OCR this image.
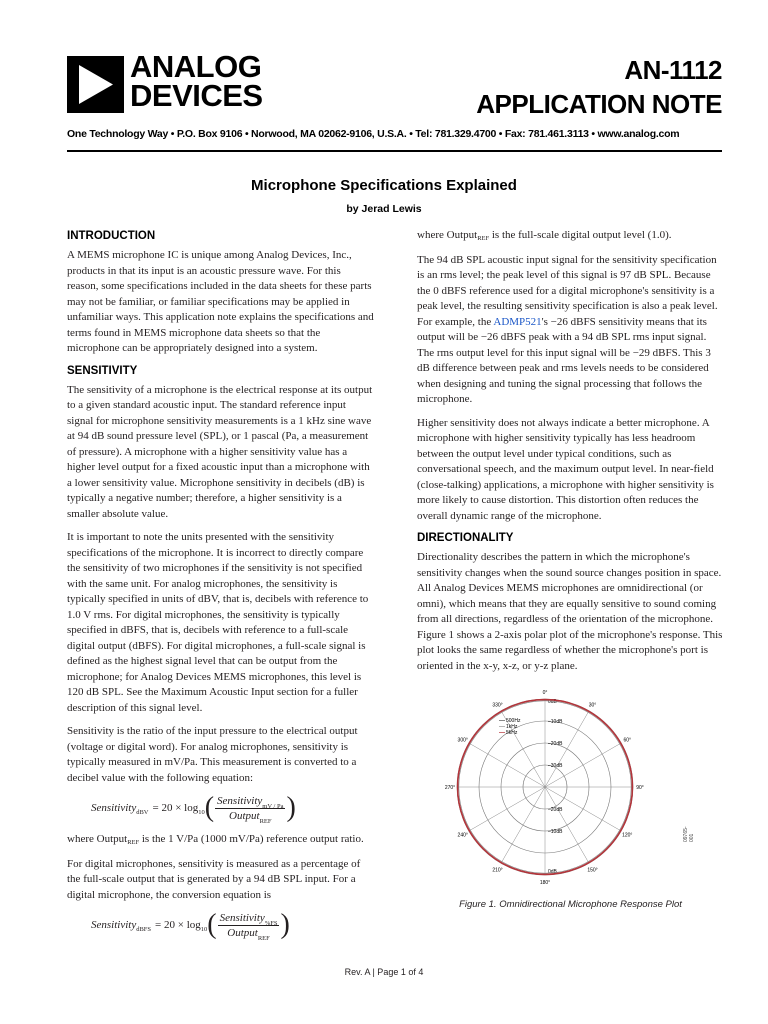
ANALOG
DEVICES
AN-1112
APPLICATION NOTE
One Technology Way • P.O. Box 9106 • Norwood, MA 02062-9106, U.S.A. • Tel: 781.329.4700 • Fax: 781.461.3113 • www.analog.com
Microphone Specifications Explained
by Jerad Lewis
INTRODUCTION

A MEMS microphone IC is unique among Analog Devices, Inc., products in that its input is an acoustic pressure wave. For this reason, some specifications included in the data sheets for these parts may not be familiar, or familiar specifications may be applied in unfamiliar ways. This application note explains the specifications and terms found in MEMS microphone data sheets so that the microphone can be appropriately designed into a system.

SENSITIVITY

The sensitivity of a microphone is the electrical response at its output to a given standard acoustic input. The standard reference input signal for microphone sensitivity measurements is a 1 kHz sine wave at 94 dB sound pressure level (SPL), or 1 pascal (Pa, a measurement of pressure). A microphone with a higher sensitivity value has a higher level output for a fixed acoustic input than a microphone with a lower sensitivity value. Microphone sensitivity in decibels (dB) is typically a negative number; therefore, a higher sensitivity is a smaller absolute value.

It is important to note the units presented with the sensitivity specifications of the microphone. It is incorrect to directly compare the sensitivity of two microphones if the sensitivity is not specified with the same unit. For analog microphones, the sensitivity is typically specified in units of dBV, that is, decibels with reference to 1.0 V rms. For digital microphones, the sensitivity is typically specified in dBFS, that is, decibels with reference to a full-scale digital output (dBFS). For digital microphones, a full-scale signal is defined as the highest signal level that can be output from the microphone; for Analog Devices MEMS microphones, this level is 120 dB SPL. See the Maximum Acoustic Input section for a fuller description of this signal level.

Sensitivity is the ratio of the input pressure to the electrical output (voltage or digital word). For analog microphones, sensitivity is typically measured in mV/Pa. This measurement is converted to a decibel value with the following equation:

Sensitivity dBV = 20 × log 10 ( $\frac{Sensitivity_{mV / Pa}}{Output_{REF}}$ )

where OutputREF is the 1 V/Pa (1000 mV/Pa) reference output ratio.

For digital microphones, sensitivity is measured as a percentage of the full-scale output that is generated by a 94 dB SPL input. For a digital microphone, the conversion equation is

Sensitivity dBFS = 20 × log 10 ( $\frac{Sensitivity_{\%FS}}{Output_{REF}}$ )

where OutputREF is the full-scale digital output level (1.0).

The 94 dB SPL acoustic input signal for the sensitivity specification is an rms level; the peak level of this signal is 97 dB SPL. Because the 0 dBFS reference used for a digital microphone's sensitivity is a peak level, the resulting sensitivity specification is also a peak level. For example, the ADMP521's −26 dBFS sensitivity means that its output will be −26 dBFS peak with a 94 dB SPL rms input signal. The rms output level for this input signal will be −29 dBFS. This 3 dB difference between peak and rms levels needs to be considered when designing and tuning the signal processing that follows the microphone.

Higher sensitivity does not always indicate a better microphone. A microphone with higher sensitivity typically has less headroom between the output level under typical conditions, such as conversational speech, and the maximum output level. In near-field (close-talking) applications, a microphone with higher sensitivity is more likely to cause distortion. This distortion often reduces the overall dynamic range of the microphone.

DIRECTIONALITY

Directionality describes the pattern in which the microphone's sensitivity changes when the sound source changes position in space. All Analog Devices MEMS microphones are omnidirectional (or omni), which means that they are equally sensitive to sound coming from all directions, regardless of the orientation of the microphone. Figure 1 shows a 2-axis polar plot of the microphone's response. This plot looks the same regardless of whether the microphone's port is oriented in the x-y, x-z, or y-z plane.

0°
30°
60°
90°
120°
150°
180°
210°
240°
270°
300°
330°
0dB
–10dB
–20dB
–30dB
–20dB
–10dB
0dB
500Hz
1kHz
5kHz
09765-001
Figure 1. Omnidirectional Microphone Response Plot
Rev. A | Page 1 of 4
